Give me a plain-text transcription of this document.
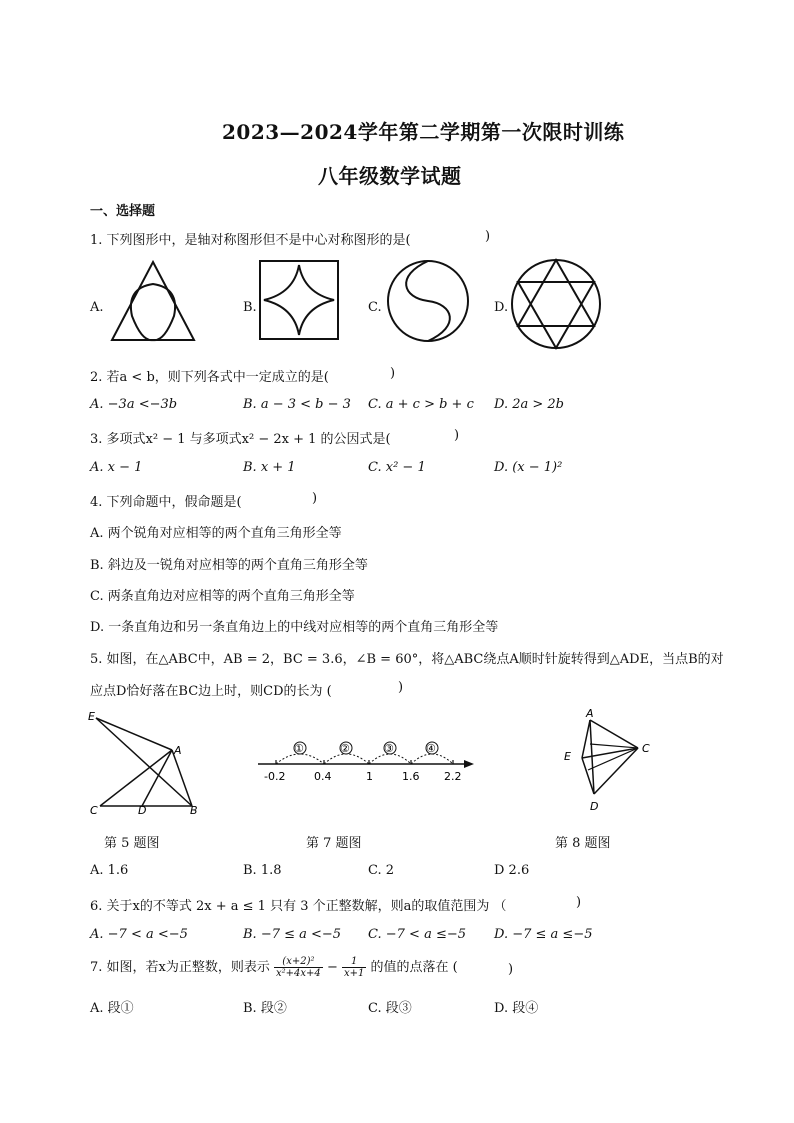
2023—2024学年第二学期第一次限时训练
八年级数学试题
一、选择题
1. 下列图形中，是轴对称图形但不是中心对称图形的是(	)
A.	B.	C.	D.
2. 若a < b，则下列各式中一定成立的是(	)
A. −3a <−3b	B. a − 3 < b − 3 C. a + c > b + c D. 2a > 2b
3. 多项式x² − 1 与多项式x² − 2x + 1 的公因式是(	)
A. x − 1	B. x + 1	C. x² − 1	D. (x − 1)²
4. 下列命题中，假命题是(	)
A. 两个锐角对应相等的两个直角三角形全等
B. 斜边及一锐角对应相等的两个直角三角形全等
C. 两条直角边对应相等的两个直角三角形全等
D. 一条直角边和另一条直角边上的中线对应相等的两个直角三角形全等
5. 如图，在△ABC中，AB = 2，BC = 3.6，∠B = 60°，将△ABC绕点A顺时针旋转得到△ADE，当点B的对
应点D恰好落在BC边上时，则CD的长为 (	)
E
A
C	D	B
①	②	③	④
-0.2	0.4	1	1.6 2.2
A
E
C
D
第 5 题图	第 7 题图	第 8 题图
A. 1.6	B. 1.8	C. 2	D 2.6
6. 关于x的不等式 2x + a ≤ 1 只有 3 个正整数解，则a的取值范围为 （	)
A. −7 < a <−5	B. −7 ≤ a <−5 C. −7 < a ≤−5 D. −7 ≤ a ≤−5
7. 如图，若x为正整数，则表示 $\frac{\text{(x+2)²}}{\text{x²+4x+4}} - \frac{1}{x+1}$ 的值的点落在 (	)
A. 段①	B. 段②	C. 段③	D. 段④
